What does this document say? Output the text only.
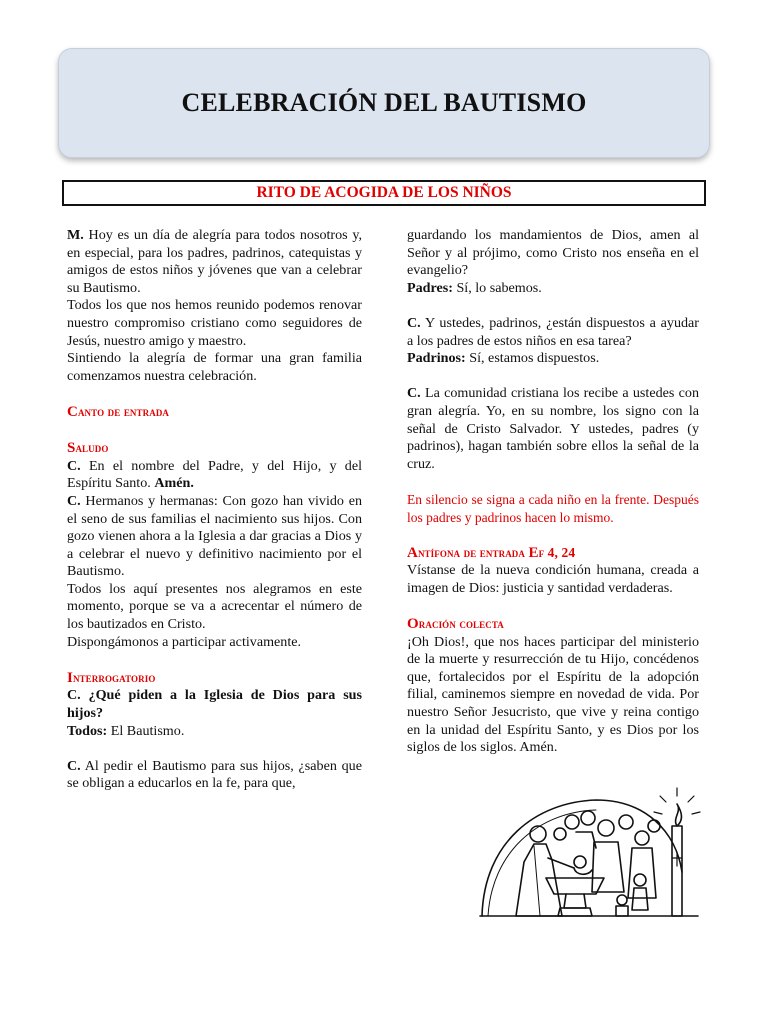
CELEBRACIÓN DEL BAUTISMO
RITO DE ACOGIDA DE LOS NIÑOS

M. Hoy es un día de alegría para todos nosotros y, en especial, para los padres, padrinos, catequistas y amigos de estos niños y jóvenes que van a celebrar su Bautismo.

Todos los que nos hemos reunido podemos renovar nuestro compromiso cristiano como seguidores de Jesús, nuestro amigo y maestro.

Sintiendo la alegría de formar una gran familia comenzamos nuestra celebración.

Canto de entrada

Saludo

C. En el nombre del Padre, y del Hijo, y del Espíritu Santo. Amén.

C. Hermanos y hermanas: Con gozo han vivido en el seno de sus familias el nacimiento sus hijos. Con gozo vienen ahora a la Iglesia a dar gracias a Dios y a celebrar el nuevo y definitivo nacimiento por el Bautismo.

Todos los aquí presentes nos alegramos en este momento, porque se va a acrecentar el número de los bautizados en Cristo.

Dispongámonos a participar activamente.

Interrogatorio

C. ¿Qué piden a la Iglesia de Dios para sus hijos?

Todos: El Bautismo.

C. Al pedir el Bautismo para sus hijos, ¿saben que se obligan a educarlos en la fe, para que,

guardando los mandamientos de Dios, amen al Señor y al prójimo, como Cristo nos enseña en el evangelio?

Padres: Sí, lo sabemos.

C. Y ustedes, padrinos, ¿están dispuestos a ayudar a los padres de estos niños en esa tarea?

Padrinos: Sí, estamos dispuestos.

C. La comunidad cristiana los recibe a ustedes con gran alegría. Yo, en su nombre, los signo con la señal de Cristo Salvador. Y ustedes, padres (y padrinos), hagan también sobre ellos la señal de la cruz.

En silencio se signa a cada niño en la frente. Después los padres y padrinos hacen lo mismo.

Antífona de entrada Ef 4, 24

Vístanse de la nueva condición humana, creada a imagen de Dios: justicia y santidad verdaderas.

Oración colecta

¡Oh Dios!, que nos haces participar del ministerio de la muerte y resurrección de tu Hijo, concédenos que, fortalecidos por el Espíritu de la adopción filial, caminemos siempre en novedad de vida. Por nuestro Señor Jesucristo, que vive y reina contigo en la unidad del Espíritu Santo, y es Dios por los siglos de los siglos. Amén.
